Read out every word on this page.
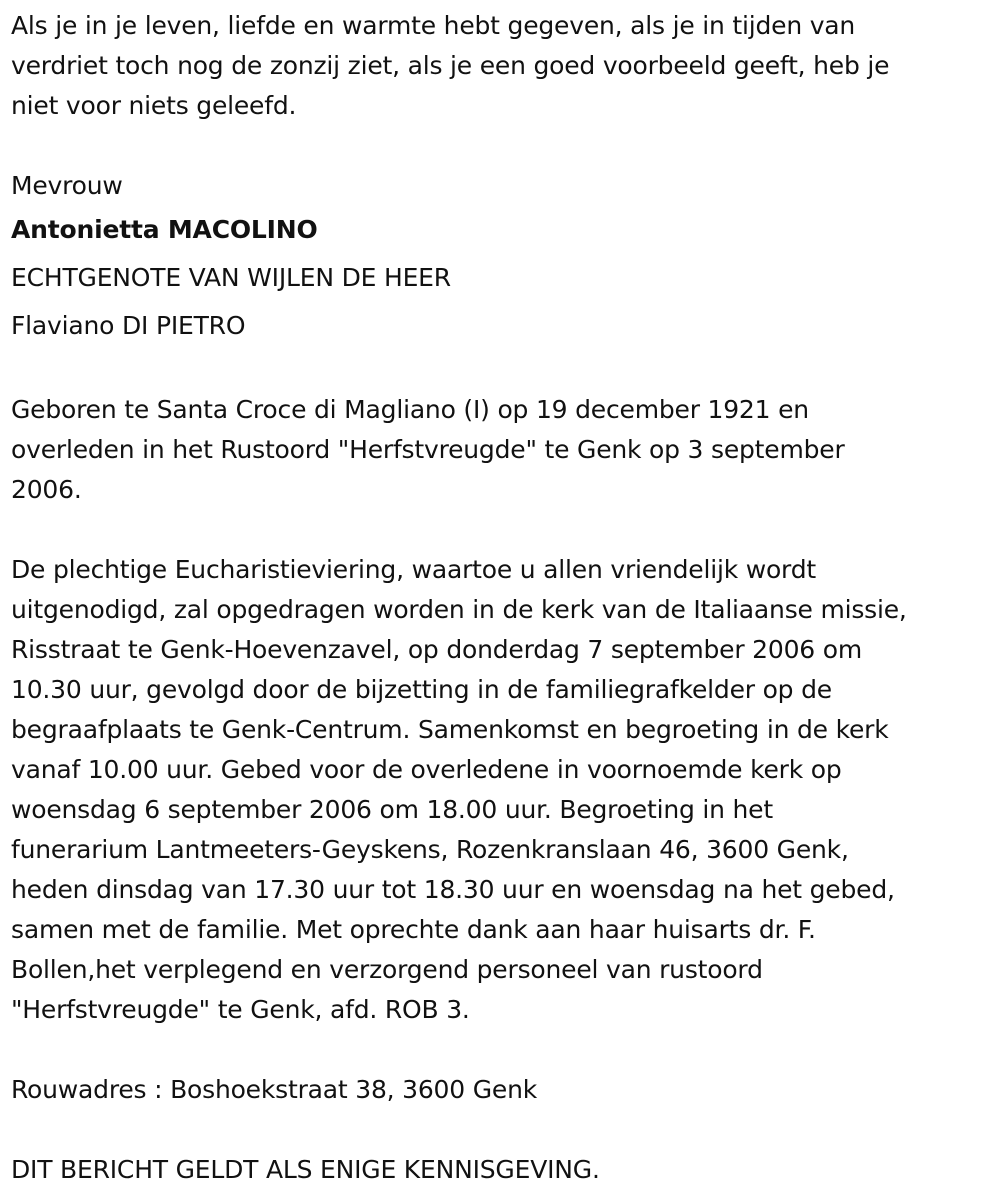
Als je in je leven, liefde en warmte hebt gegeven, als je in tijden van
verdriet toch nog de zonzij ziet, als je een goed voorbeeld geeft, heb je
niet voor niets geleefd.
Mevrouw
Antonietta MACOLINO
ECHTGENOTE VAN WIJLEN DE HEER
Flaviano DI PIETRO
Geboren te Santa Croce di Magliano (I) op 19 december 1921 en
overleden in het Rustoord "Herfstvreugde" te Genk op 3 september
2006.
De plechtige Eucharistieviering, waartoe u allen vriendelijk wordt
uitgenodigd, zal opgedragen worden in de kerk van de Italiaanse missie,
Risstraat te Genk-Hoevenzavel, op donderdag 7 september 2006 om
10.30 uur, gevolgd door de bijzetting in de familiegrafkelder op de
begraafplaats te Genk-Centrum. Samenkomst en begroeting in de kerk
vanaf 10.00 uur. Gebed voor de overledene in voornoemde kerk op
woensdag 6 september 2006 om 18.00 uur. Begroeting in het
funerarium Lantmeeters-Geyskens, Rozenkranslaan 46, 3600 Genk,
heden dinsdag van 17.30 uur tot 18.30 uur en woensdag na het gebed,
samen met de familie. Met oprechte dank aan haar huisarts dr. F.
Bollen,het verplegend en verzorgend personeel van rustoord
"Herfstvreugde" te Genk, afd. ROB 3.
Rouwadres : Boshoekstraat 38, 3600 Genk
DIT BERICHT GELDT ALS ENIGE KENNISGEVING.
